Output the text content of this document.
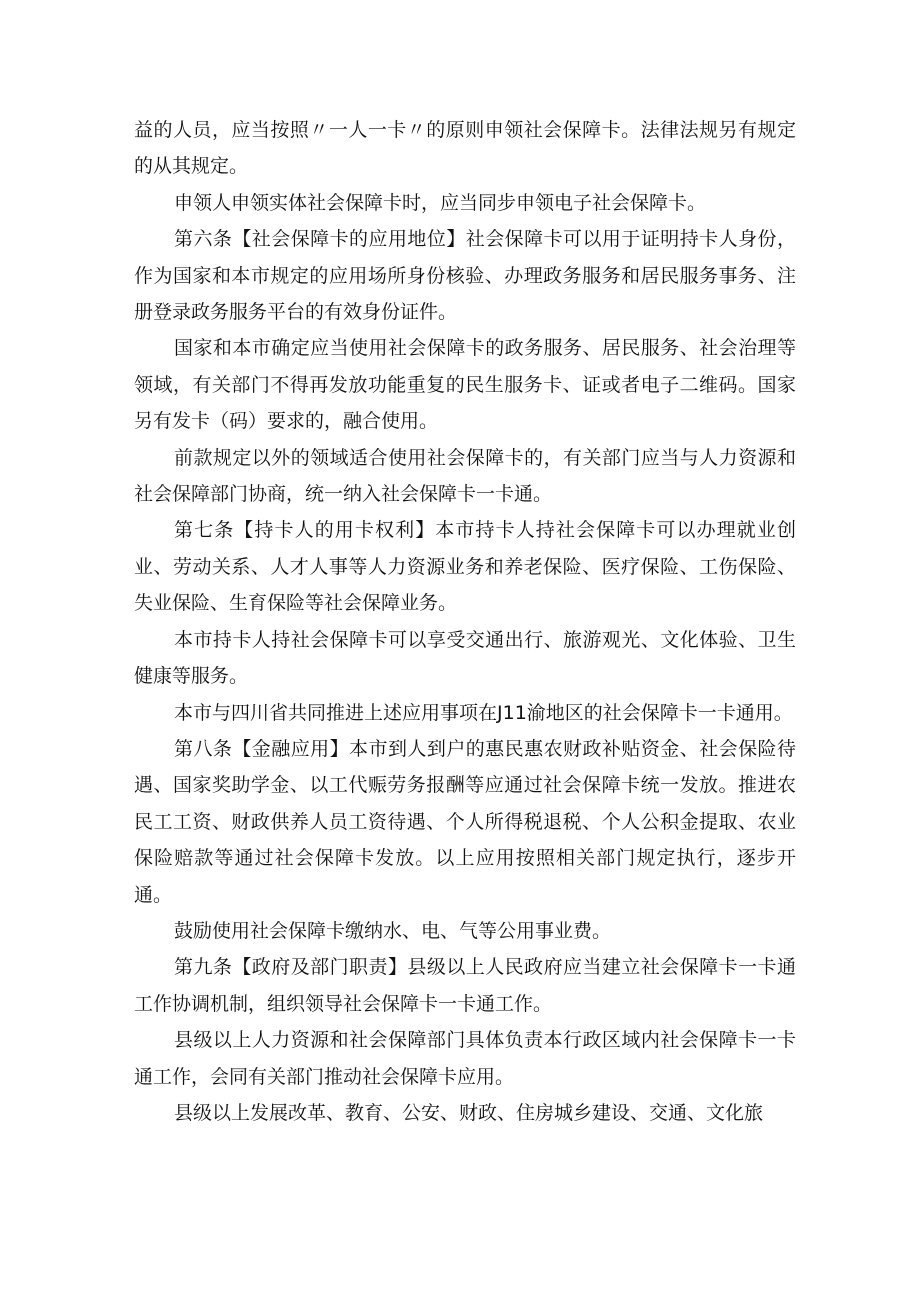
益的人员，应当按照〃一人一卡〃的原则申领社会保障卡。法律法规另有规定的从其规定。

申领人申领实体社会保障卡时，应当同步申领电子社会保障卡。

第六条【社会保障卡的应用地位】社会保障卡可以用于证明持卡人身份，作为国家和本市规定的应用场所身份核验、办理政务服务和居民服务事务、注册登录政务服务平台的有效身份证件。

国家和本市确定应当使用社会保障卡的政务服务、居民服务、社会治理等领域，有关部门不得再发放功能重复的民生服务卡、证或者电子二维码。国家另有发卡（码）要求的，融合使用。

前款规定以外的领域适合使用社会保障卡的，有关部门应当与人力资源和社会保障部门协商，统一纳入社会保障卡一卡通。

第七条【持卡人的用卡权利】本市持卡人持社会保障卡可以办理就业创业、劳动关系、人才人事等人力资源业务和养老保险、医疗保险、工伤保险、失业保险、生育保险等社会保障业务。

本市持卡人持社会保障卡可以享受交通出行、旅游观光、文化体验、卫生健康等服务。

本市与四川省共同推进上述应用事项在J11渝地区的社会保障卡一卡通用。

第八条【金融应用】本市到人到户的惠民惠农财政补贴资金、社会保险待遇、国家奖助学金、以工代赈劳务报酬等应通过社会保障卡统一发放。推进农民工工资、财政供养人员工资待遇、个人所得税退税、个人公积金提取、农业保险赔款等通过社会保障卡发放。以上应用按照相关部门规定执行，逐步开通。

鼓励使用社会保障卡缴纳水、电、气等公用事业费。

第九条【政府及部门职责】县级以上人民政府应当建立社会保障卡一卡通工作协调机制，组织领导社会保障卡一卡通工作。

县级以上人力资源和社会保障部门具体负责本行政区域内社会保障卡一卡通工作，会同有关部门推动社会保障卡应用。

县级以上发展改革、教育、公安、财政、住房城乡建设、交通、文化旅
